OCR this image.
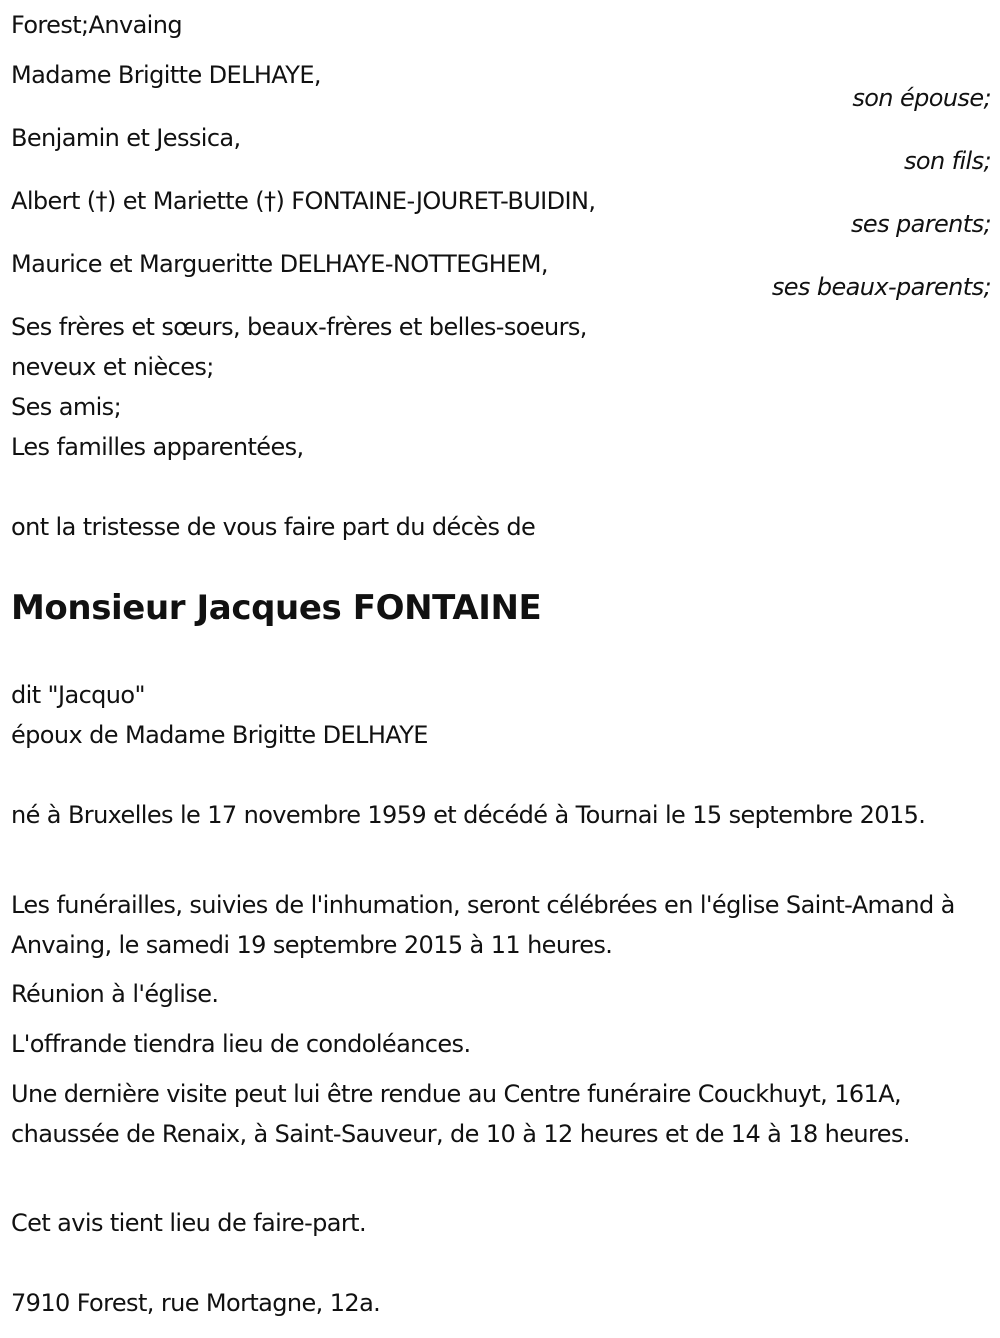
Forest;Anvaing
Madame Brigitte DELHAYE,
son épouse;
Benjamin et Jessica,
son fils;
Albert (†) et Mariette (†) FONTAINE-JOURET-BUIDIN,
ses parents;
Maurice et Margueritte DELHAYE-NOTTEGHEM,
ses beaux-parents;
Ses frères et sœurs, beaux-frères et belles-soeurs,
neveux et nièces;
Ses amis;
Les familles apparentées,
ont la tristesse de vous faire part du décès de
Monsieur Jacques FONTAINE
dit "Jacquo"
époux de Madame Brigitte DELHAYE
né à Bruxelles le 17 novembre 1959 et décédé à Tournai le 15 septembre 2015.
Les funérailles, suivies de l'inhumation, seront célébrées en l'église Saint-Amand à Anvaing, le samedi 19 septembre 2015 à 11 heures.
Réunion à l'église.
L'offrande tiendra lieu de condoléances.
Une dernière visite peut lui être rendue au Centre funéraire Couckhuyt, 161A, chaussée de Renaix, à Saint-Sauveur, de 10 à 12 heures et de 14 à 18 heures.
Cet avis tient lieu de faire-part.
7910 Forest, rue Mortagne, 12a.
